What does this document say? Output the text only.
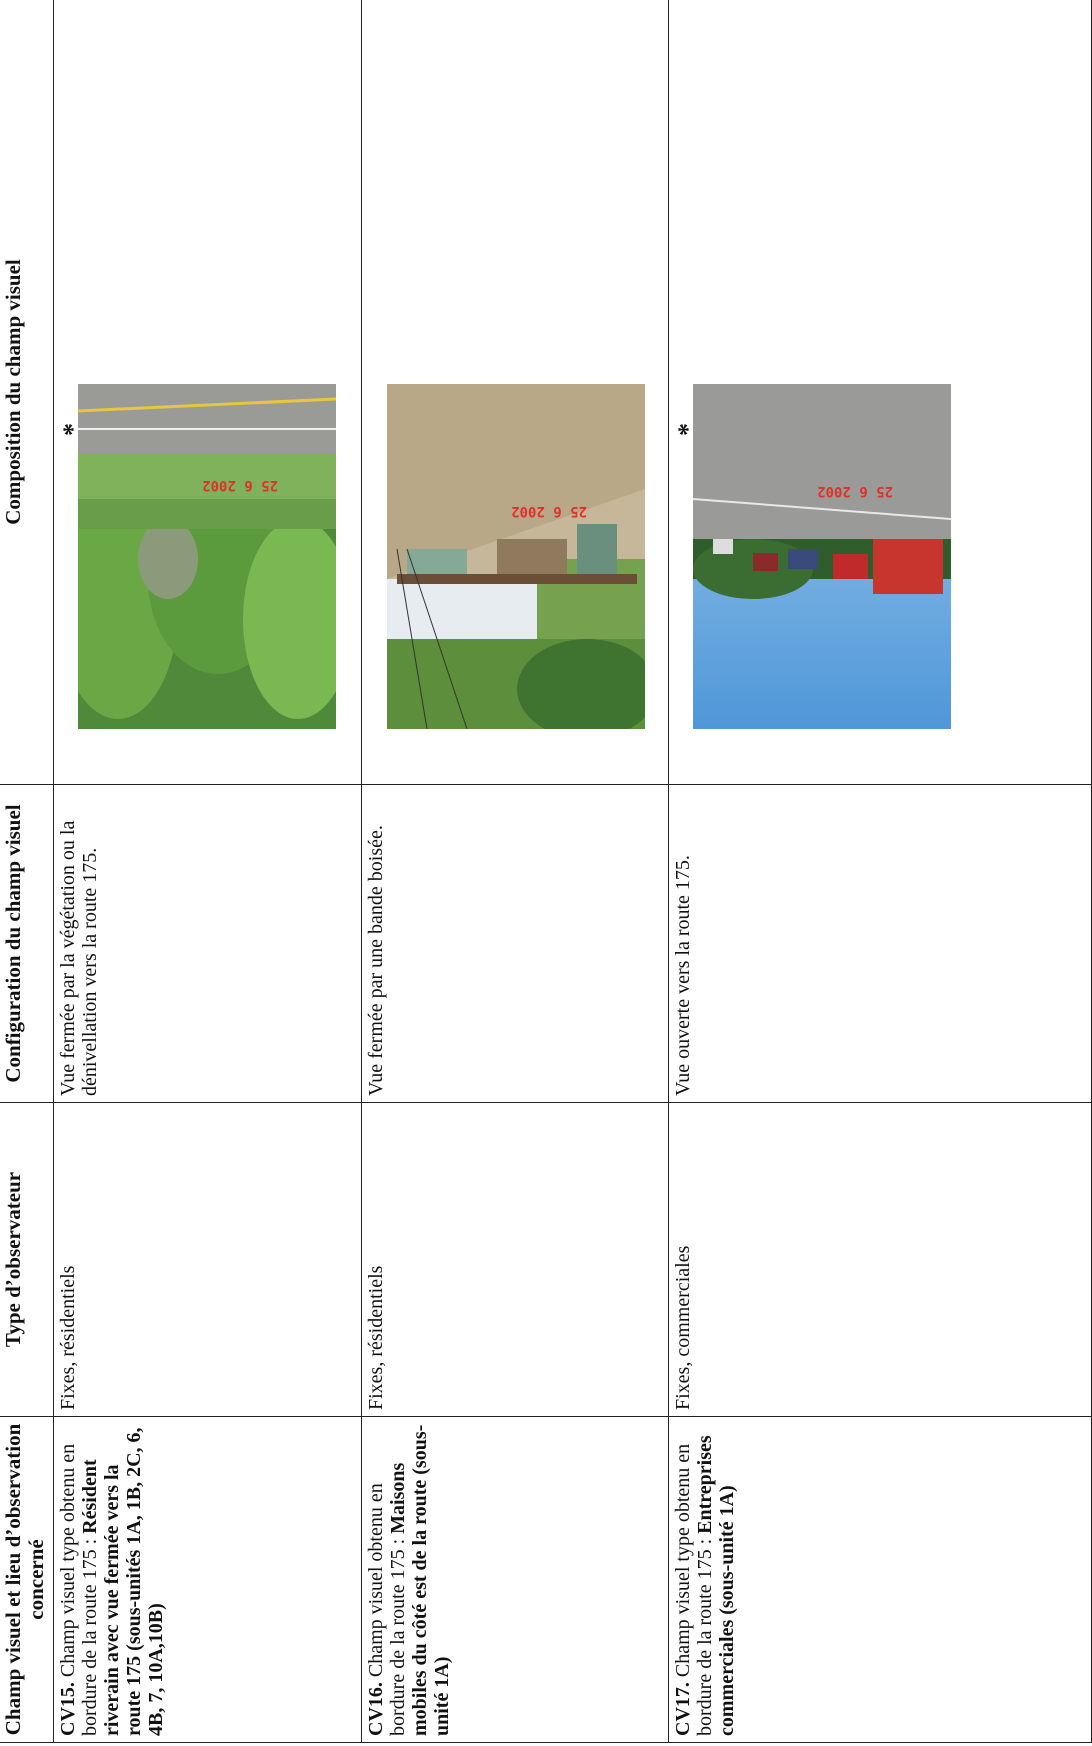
Champ visuel et lieu d’observation concerné	Type d’observateur	Configuration du champ visuel	Composition du champ visuel
CV15. Champ visuel type obtenu en bordure de la route 175 : Résident riverain avec vue fermée vers la route 175 (sous-unités 1A, 1B, 2C, 6, 4B, 7, 10A,10B)	Fixes, résidentiels	Vue fermée par la végétation ou la dénivellation vers la route 175.	25 6 2002
*

CV16. Champ visuel obtenu en bordure de la route 175 : Maisons mobiles du côté est de la route (sous-unité 1A)	Fixes, résidentiels	Vue fermée par une bande boisée.	25 6 2002

CV17. Champ visuel type obtenu en bordure de la route 175 : Entreprises commerciales (sous-unité 1A)	Fixes, commerciales	Vue ouverte vers la route 175.	25 6 2002
*
